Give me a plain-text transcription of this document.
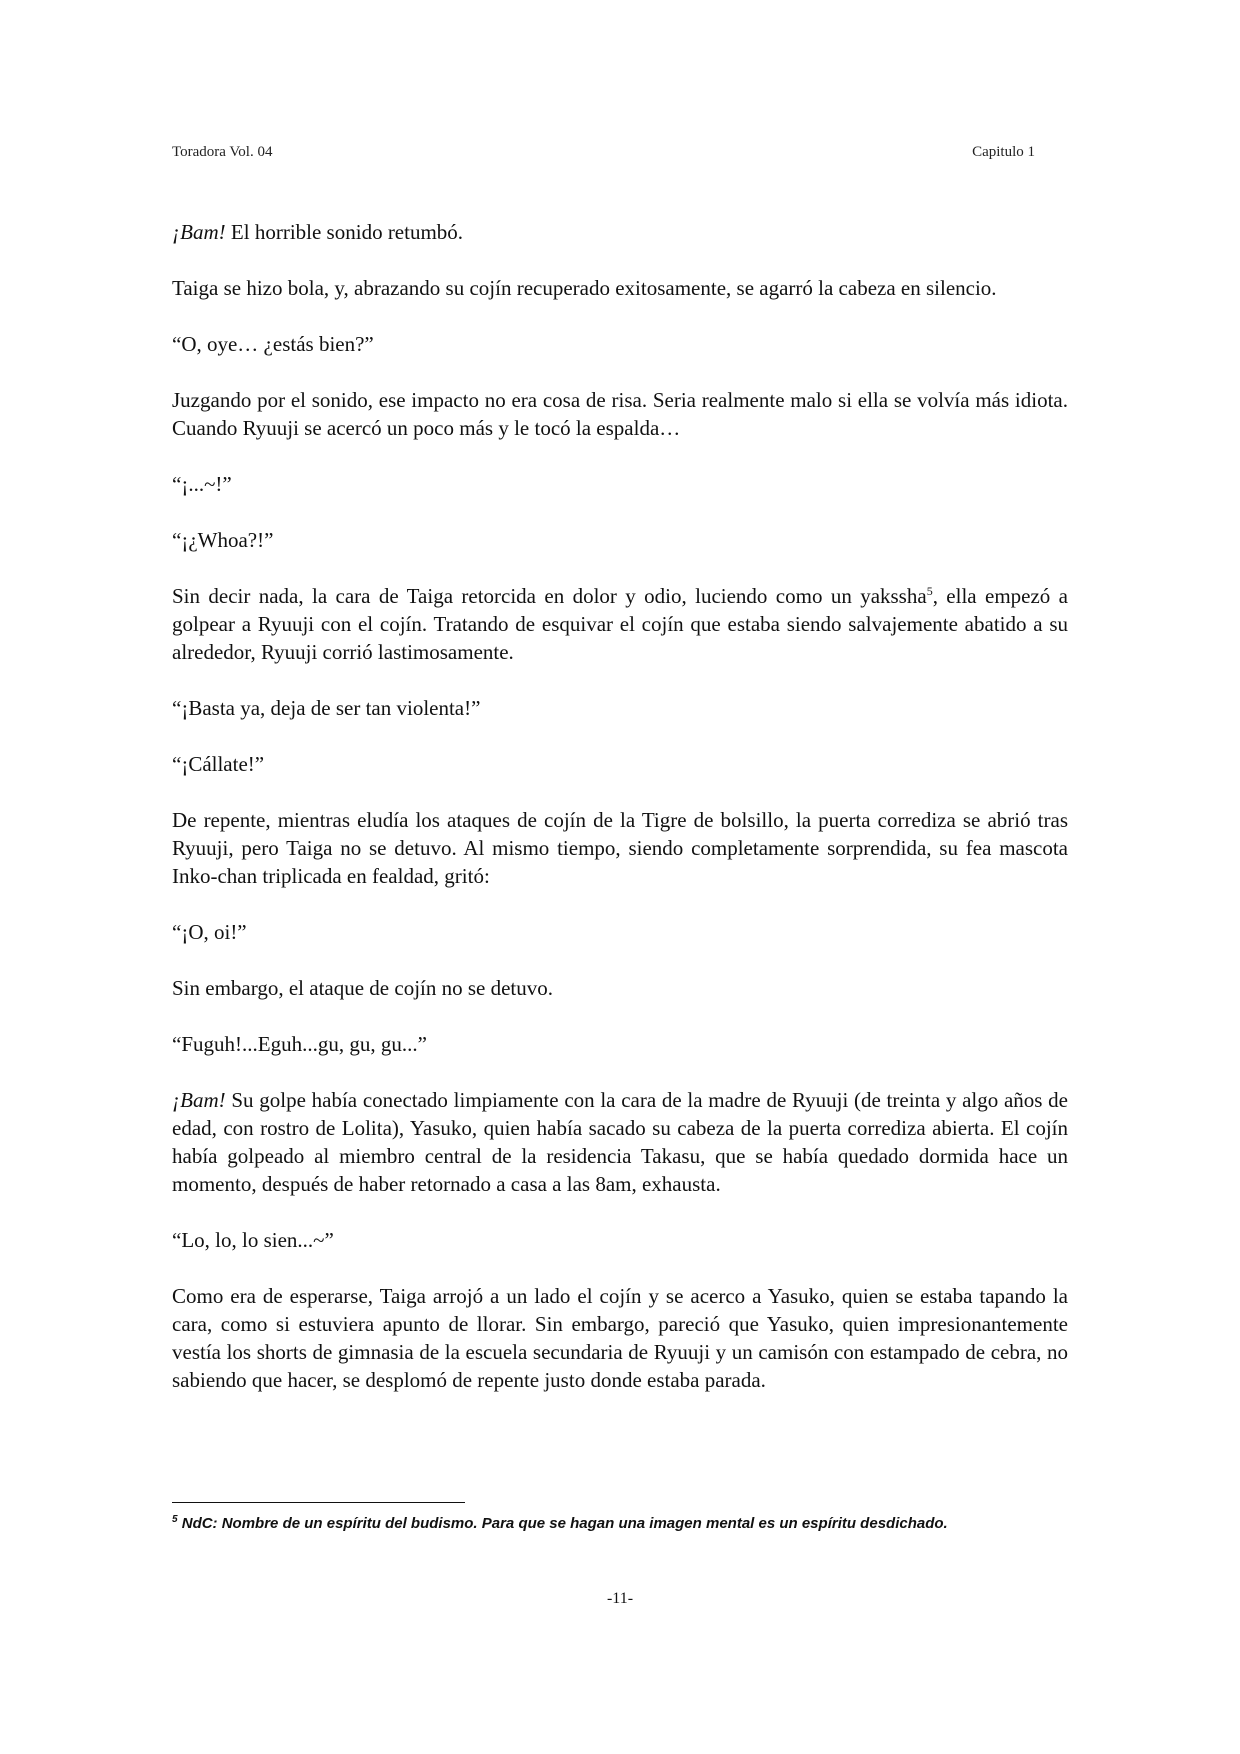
Toradora Vol. 04	Capitulo 1

¡Bam! El horrible sonido retumbó.

Taiga se hizo bola, y, abrazando su cojín recuperado exitosamente, se agarró la cabeza en silencio.

“O, oye… ¿estás bien?”

Juzgando por el sonido, ese impacto no era cosa de risa. Seria realmente malo si ella se volvía más idiota. Cuando Ryuuji se acercó un poco más y le tocó la espalda…

“¡...~!”

“¡¿Whoa?!”

Sin decir nada, la cara de Taiga retorcida en dolor y odio, luciendo como un yakssha$^5$, ella empezó a golpear a Ryuuji con el cojín. Tratando de esquivar el cojín que estaba siendo salvajemente abatido a su alrededor, Ryuuji corrió lastimosamente.

“¡Basta ya, deja de ser tan violenta!”

“¡Cállate!”

De repente, mientras eludía los ataques de cojín de la Tigre de bolsillo, la puerta corrediza se abrió tras Ryuuji, pero Taiga no se detuvo. Al mismo tiempo, siendo completamente sorprendida, su fea mascota Inko-chan triplicada en fealdad, gritó:

“¡O, oi!”

Sin embargo, el ataque de cojín no se detuvo.

“Fuguh!...Eguh...gu, gu, gu...”

¡Bam! Su golpe había conectado limpiamente con la cara de la madre de Ryuuji (de treinta y algo años de edad, con rostro de Lolita), Yasuko, quien había sacado su cabeza de la puerta corrediza abierta. El cojín había golpeado al miembro central de la residencia Takasu, que se había quedado dormida hace un momento, después de haber retornado a casa a las 8am, exhausta.

“Lo, lo, lo sien...~”

Como era de esperarse, Taiga arrojó a un lado el cojín y se acerco a Yasuko, quien se estaba tapando la cara, como si estuviera apunto de llorar. Sin embargo, pareció que Yasuko, quien impresionantemente vestía los shorts de gimnasia de la escuela secundaria de Ryuuji y un camisón con estampado de cebra, no sabiendo que hacer, se desplomó de repente justo donde estaba parada.

$^5$ NdC: Nombre de un espíritu del budismo. Para que se hagan una imagen mental es un espíritu desdichado.
-11-
